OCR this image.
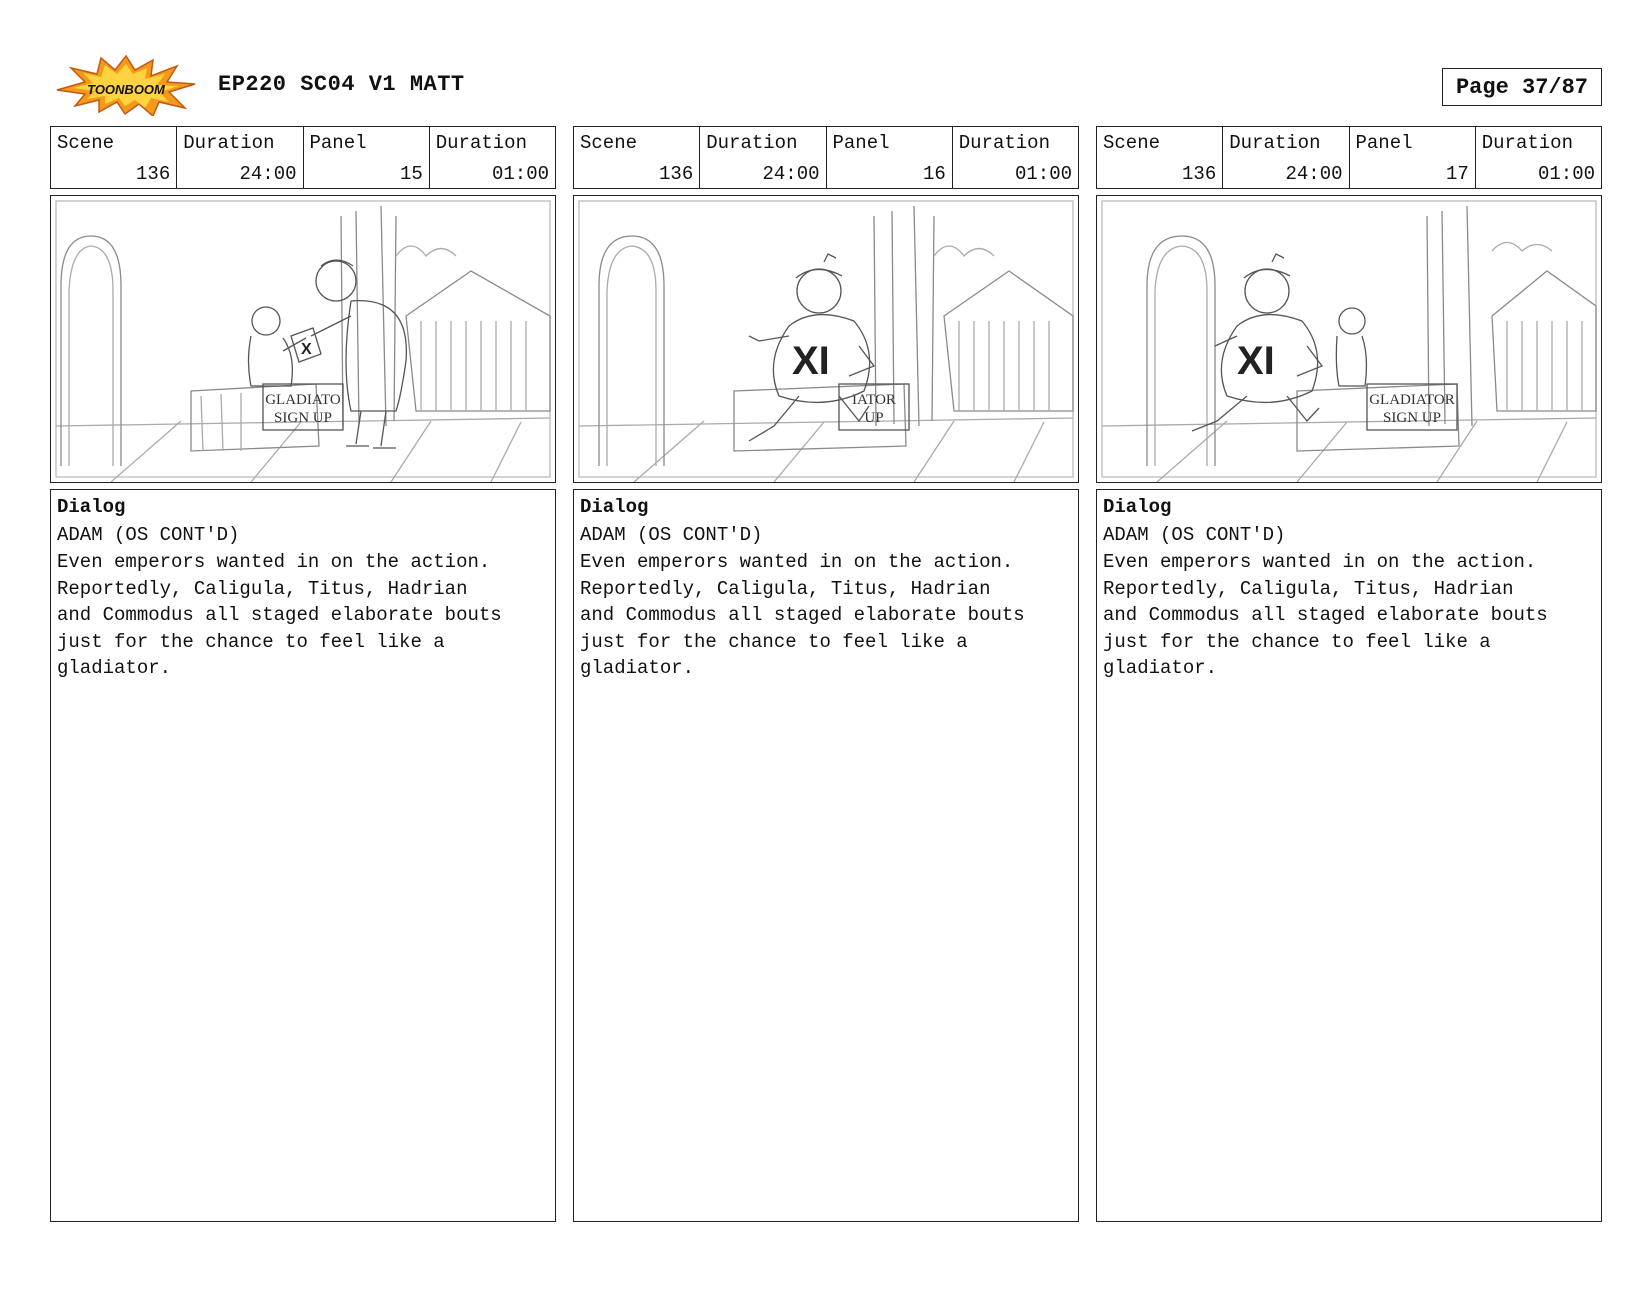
TOONBOOM EP220 SC04 V1 MATT	Page 37/87
Scene
136
Duration
24:00
Panel
15
Duration
01:00
GLADIATO
SIGN UP
X
Dialog
ADAM (OS CONT'D)
Even emperors wanted in on the action.
Reportedly, Caligula, Titus, Hadrian
and Commodus all staged elaborate bouts
just for the chance to feel like a
gladiator.
Scene
136
Duration
24:00
Panel
16
Duration
01:00
IATOR
UP
XI
Dialog
ADAM (OS CONT'D)
Even emperors wanted in on the action.
Reportedly, Caligula, Titus, Hadrian
and Commodus all staged elaborate bouts
just for the chance to feel like a
gladiator.
Scene
136
Duration
24:00
Panel
17
Duration
01:00
GLADIATOR
SIGN UP
XI
Dialog
ADAM (OS CONT'D)
Even emperors wanted in on the action.
Reportedly, Caligula, Titus, Hadrian
and Commodus all staged elaborate bouts
just for the chance to feel like a
gladiator.
